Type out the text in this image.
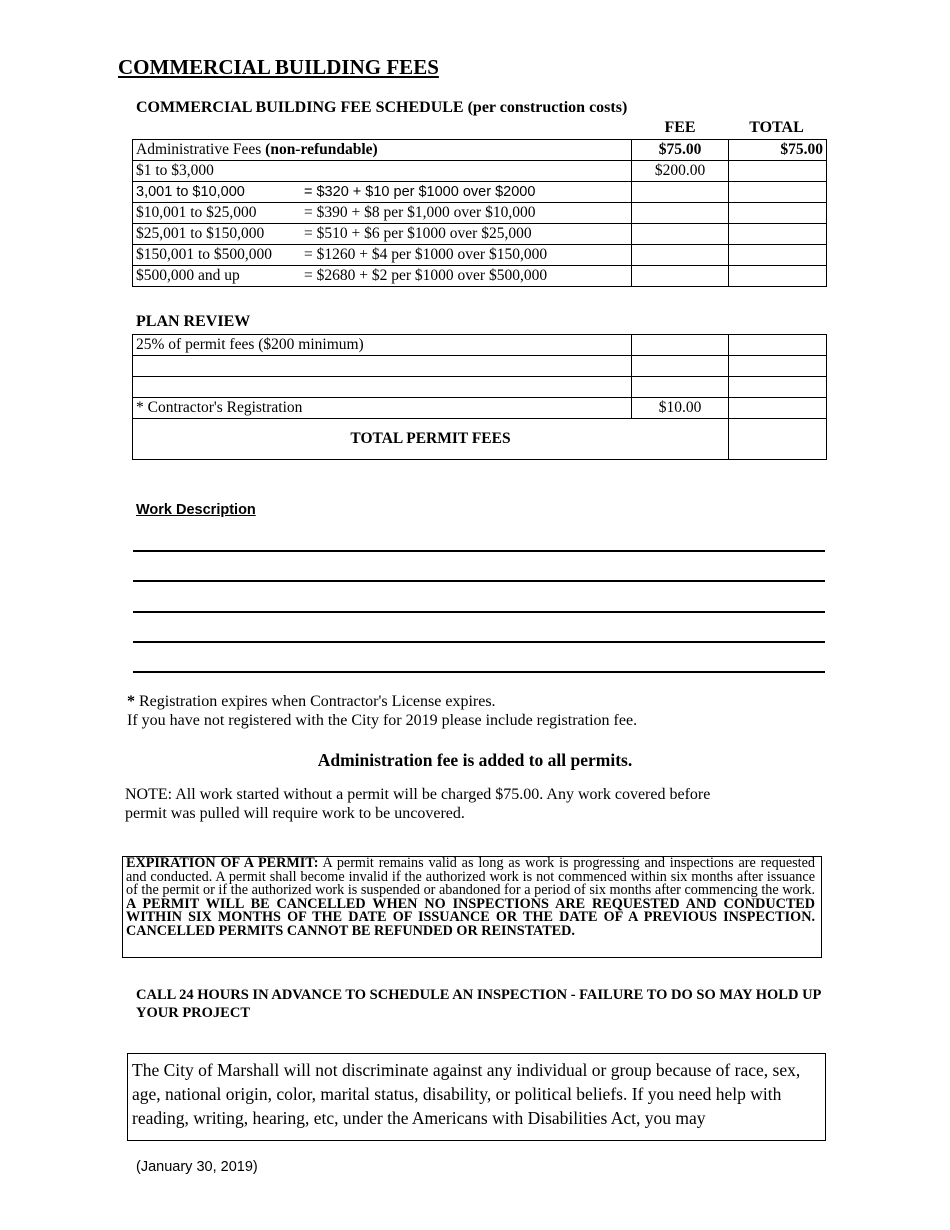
COMMERCIAL BUILDING FEES
COMMERCIAL BUILDING FEE SCHEDULE (per construction costs)
FEE	TOTAL
Administrative Fees (non-refundable)	$75.00	$75.00
$1 to $3,000	$200.00	
3,001 to $10,000 = $320 + $10 per $1000 over $2000		
$10,001 to $25,000 = $390 + $8 per $1,000 over $10,000		
$25,001 to $150,000 = $510 + $6 per $1000 over $25,000		
$150,001 to $500,000 = $1260 + $4 per $1000 over $150,000		
$500,000 and up = $2680 + $2 per $1000 over $500,000		
PLAN REVIEW
25% of permit fees ($200 minimum)		

* Contractor's Registration	$10.00	
TOTAL PERMIT FEES		
Work Description
* Registration expires when Contractor's License expires.
If you have not registered with the City for 2019 please include registration fee.
Administration fee is added to all permits.
NOTE: All work started without a permit will be charged $75.00. Any work covered before
permit was pulled will require work to be uncovered.
EXPIRATION OF A PERMIT: A permit remains valid as long as work is progressing and inspections are requested and conducted. A permit shall become invalid if the authorized work is not commenced within six months after issuance of the permit or if the authorized work is suspended or abandoned for a period of six months after commencing the work. A PERMIT WILL BE CANCELLED WHEN NO INSPECTIONS ARE REQUESTED AND CONDUCTED WITHIN SIX MONTHS OF THE DATE OF ISSUANCE OR THE DATE OF A PREVIOUS INSPECTION. CANCELLED PERMITS CANNOT BE REFUNDED OR REINSTATED.
CALL 24 HOURS IN ADVANCE TO SCHEDULE AN INSPECTION - FAILURE TO DO SO MAY HOLD UP YOUR PROJECT
The City of Marshall will not discriminate against any individual or group because of race, sex, age, national origin, color, marital status, disability, or political beliefs. If you need help with reading, writing, hearing, etc, under the Americans with Disabilities Act, you may
(January 30, 2019)
